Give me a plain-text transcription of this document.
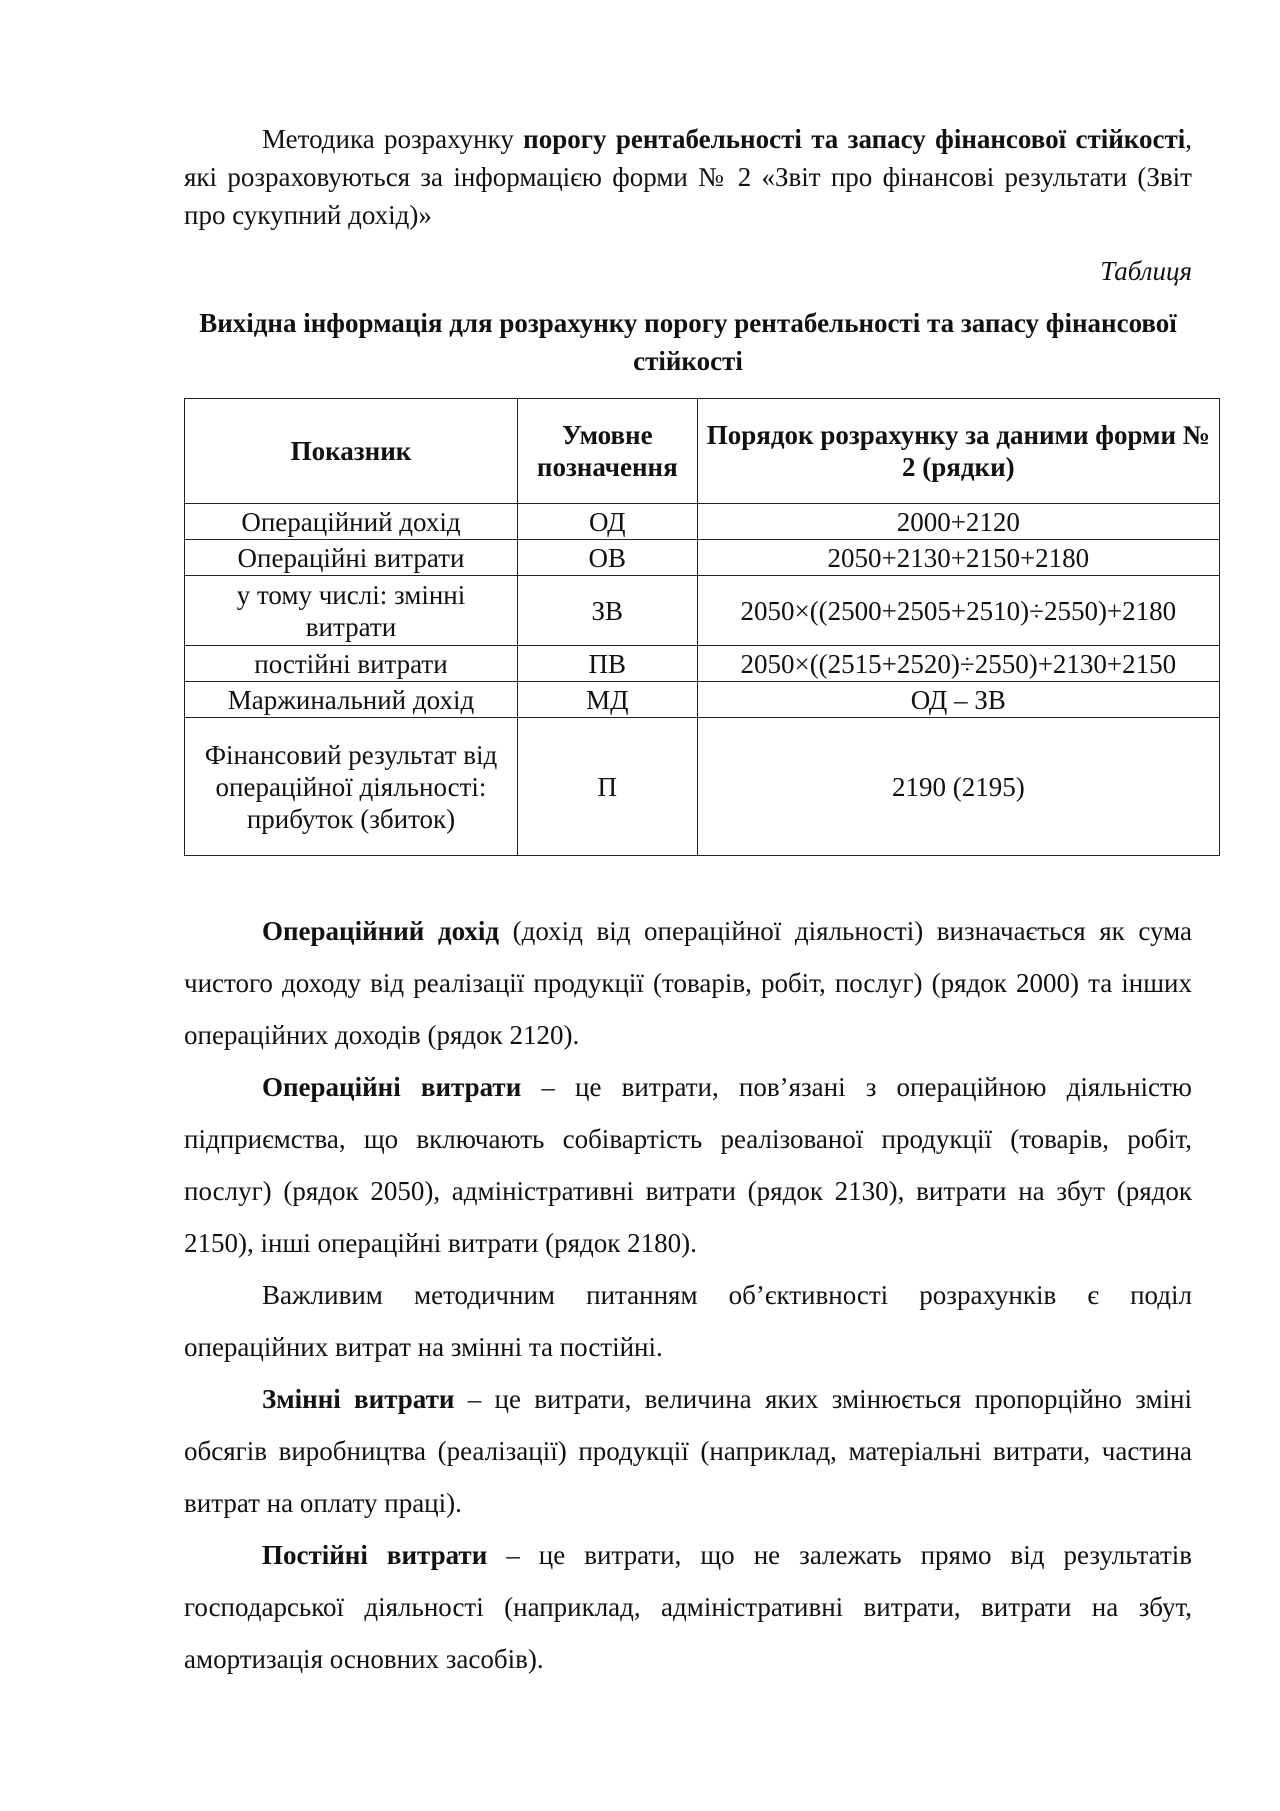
Методика розрахунку порогу рентабельності та запасу фінансової стійкості, які розраховуються за інформацією форми № 2 «Звіт про фінансові результати (Звіт про сукупний дохід)»

Таблиця

Вихідна інформація для розрахунку порогу рентабельності та запасу фінансової стійкості

Показник	Умовне позначення	Порядок розрахунку за даними форми № 2 (рядки)
Операційний дохід	ОД	2000+2120
Операційні витрати	ОВ	2050+2130+2150+2180
у тому числі: змінні витрати	ЗВ	2050×((2500+2505+2510)÷2550)+2180
постійні витрати	ПВ	2050×((2515+2520)÷2550)+2130+2150
Маржинальний дохід	МД	ОД – ЗВ
Фінансовий результат від операційної діяльності: прибуток (збиток)	П	2190 (2195)

Операційний дохід (дохід від операційної діяльності) визначається як сума чистого доходу від реалізації продукції (товарів, робіт, послуг) (рядок 2000) та інших операційних доходів (рядок 2120).

Операційні витрати – це витрати, пов’язані з операційною діяльністю підприємства, що включають собівартість реалізованої продукції (товарів, робіт, послуг) (рядок 2050), адміністративні витрати (рядок 2130), витрати на збут (рядок 2150), інші операційні витрати (рядок 2180).

Важливим методичним питанням об’єктивності розрахунків є поділ операційних витрат на змінні та постійні.

Змінні витрати – це витрати, величина яких змінюється пропорційно зміні обсягів виробництва (реалізації) продукції (наприклад, матеріальні витрати, частина витрат на оплату праці).

Постійні витрати – це витрати, що не залежать прямо від результатів господарської діяльності (наприклад, адміністративні витрати, витрати на збут, амортизація основних засобів).
